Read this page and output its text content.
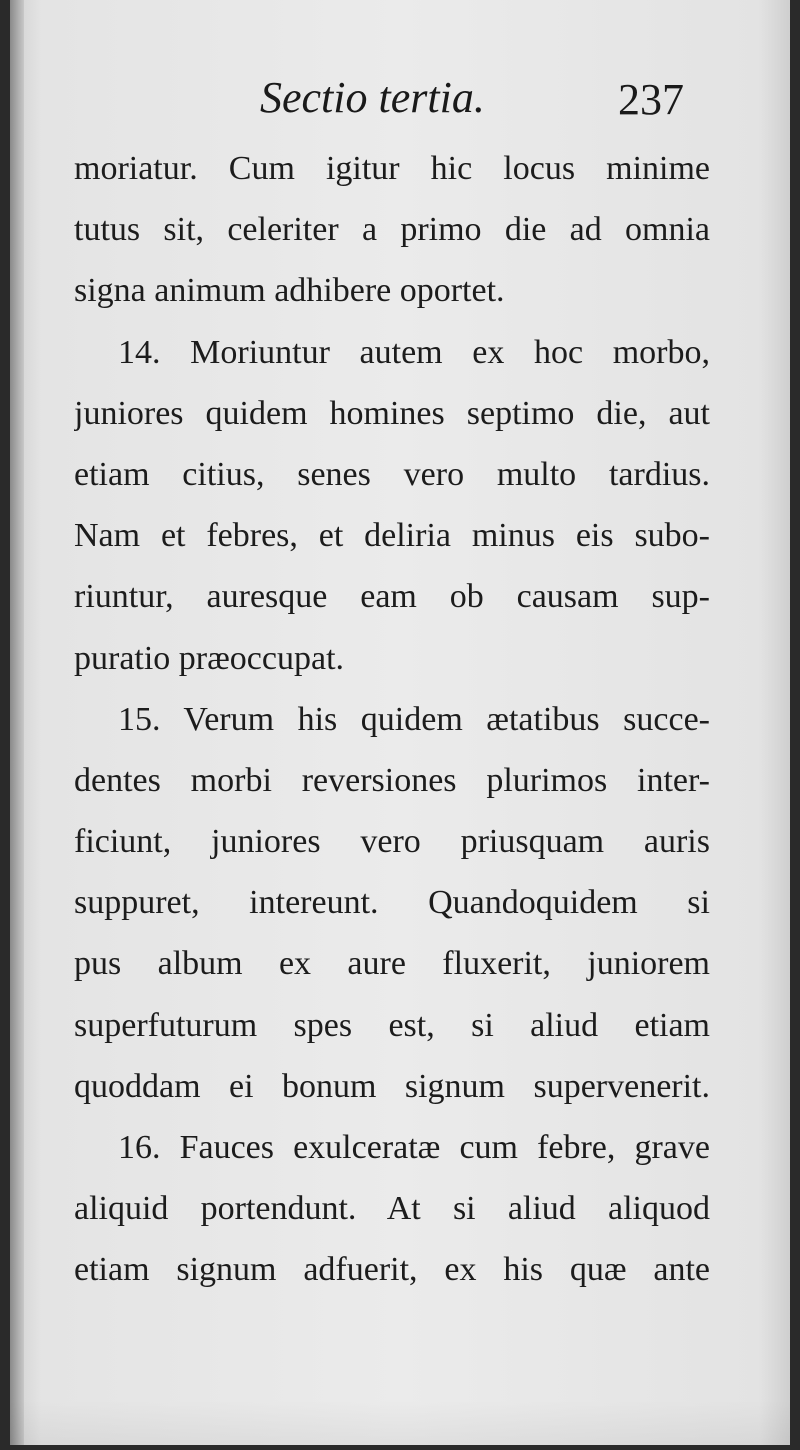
Sectio tertia.	237
moriatur. Cum igitur hic locus minime
tutus sit, celeriter a primo die ad omnia
signa animum adhibere oportet.
14. Moriuntur autem ex hoc morbo,
juniores quidem homines septimo die, aut
etiam citius, senes vero multo tardius.
Nam et febres, et deliria minus eis subo-
riuntur, auresque eam ob causam sup-
puratio præoccupat.
15. Verum his quidem ætatibus succe-
dentes morbi reversiones plurimos inter-
ficiunt, juniores vero priusquam auris
suppuret, intereunt. Quandoquidem si
pus album ex aure fluxerit, juniorem
superfuturum spes est, si aliud etiam
quoddam ei bonum signum supervenerit.
16. Fauces exulceratæ cum febre, grave
aliquid portendunt. At si aliud aliquod
etiam signum adfuerit, ex his quæ ante
